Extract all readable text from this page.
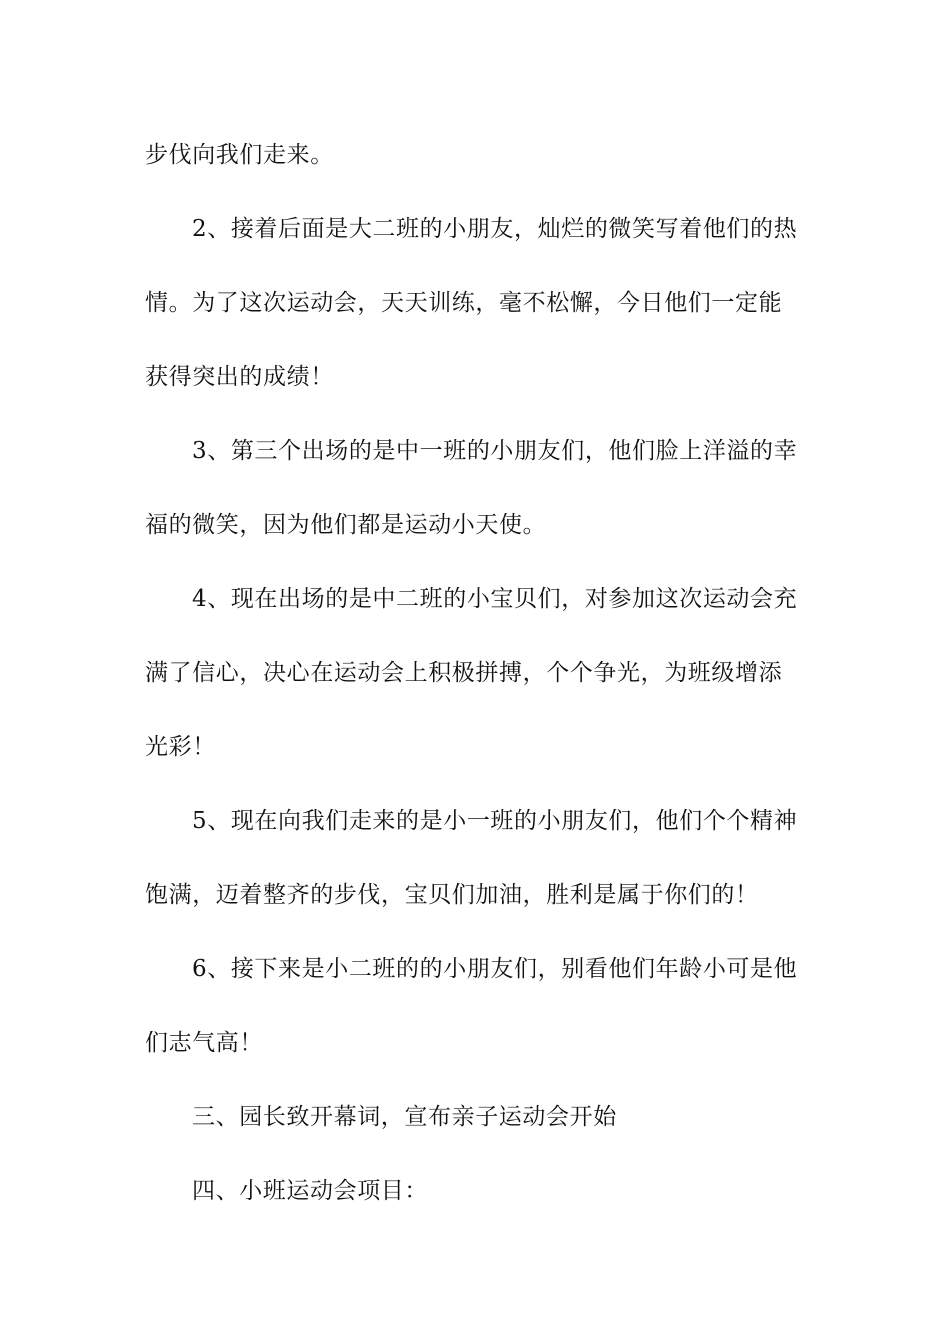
步伐向我们走来。
2、接着后面是大二班的小朋友，灿烂的微笑写着他们的热
情。为了这次运动会，天天训练，毫不松懈，今日他们一定能
获得突出的成绩！
3、第三个出场的是中一班的小朋友们，他们脸上洋溢的幸
福的微笑，因为他们都是运动小天使。
4、现在出场的是中二班的小宝贝们，对参加这次运动会充
满了信心，决心在运动会上积极拼搏，个个争光，为班级增添
光彩！
5、现在向我们走来的是小一班的小朋友们，他们个个精神
饱满，迈着整齐的步伐，宝贝们加油，胜利是属于你们的！
6、接下来是小二班的的小朋友们，别看他们年龄小可是他
们志气高！
三、园长致开幕词，宣布亲子运动会开始
四、小班运动会项目：
